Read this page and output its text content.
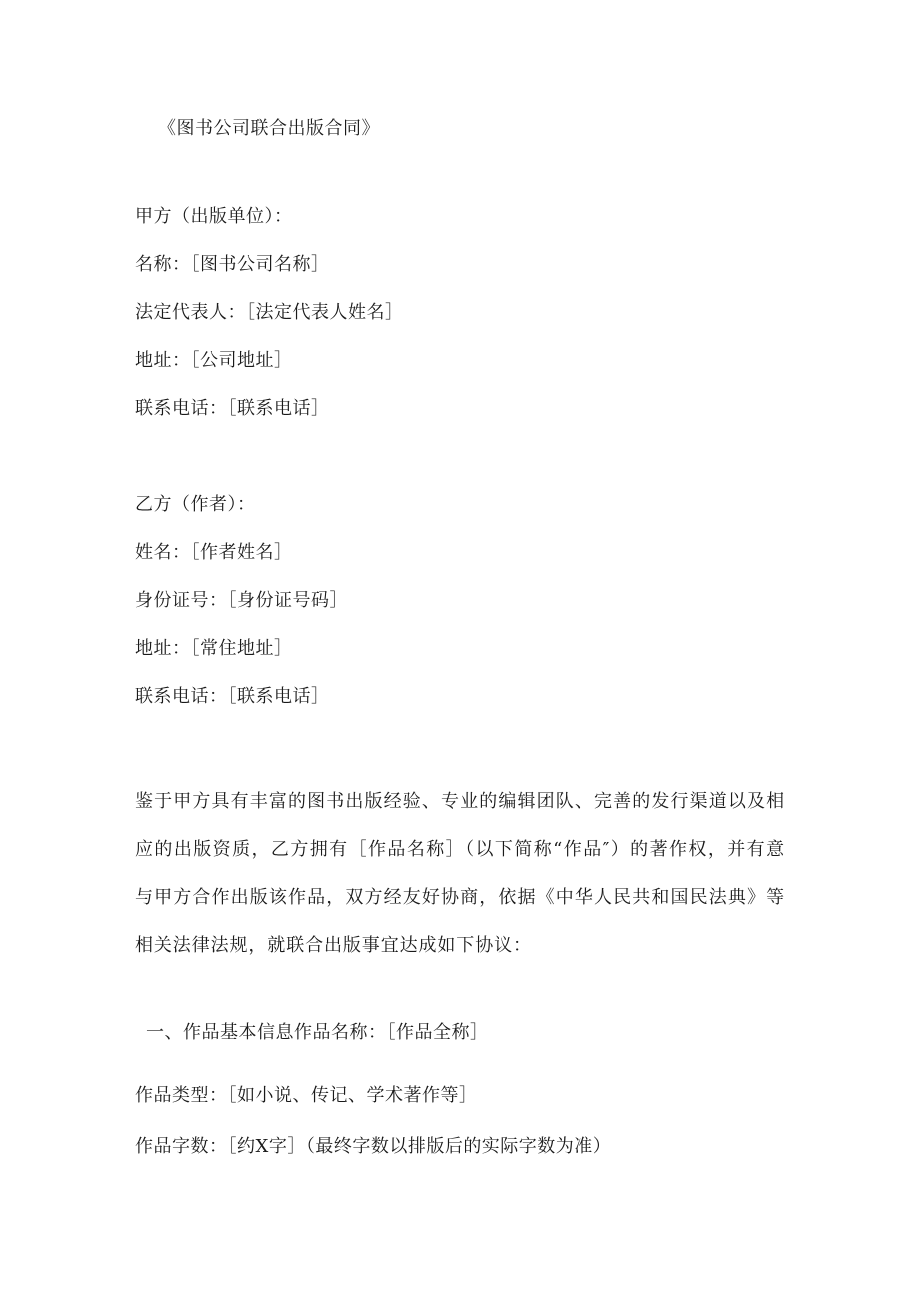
《图书公司联合出版合同》
甲方（出版单位）：
名称：［图书公司名称］
法定代表人：［法定代表人姓名］
地址：［公司地址］
联系电话：［联系电话］
乙方（作者）：
姓名：［作者姓名］
身份证号：［身份证号码］
地址：［常住地址］
联系电话：［联系电话］
鉴于甲方具有丰富的图书出版经验、专业的编辑团队、完善的发行渠道以及相应的出版资质，乙方拥有［作品名称］（以下简称“作品″）的著作权，并有意与甲方合作出版该作品，双方经友好协商，依据《中华人民共和国民法典》等相关法律法规，就联合出版事宜达成如下协议：
一、作品基本信息作品名称：［作品全称］
作品类型：［如小说、传记、学术著作等］
作品字数：［约X字］（最终字数以排版后的实际字数为准）
